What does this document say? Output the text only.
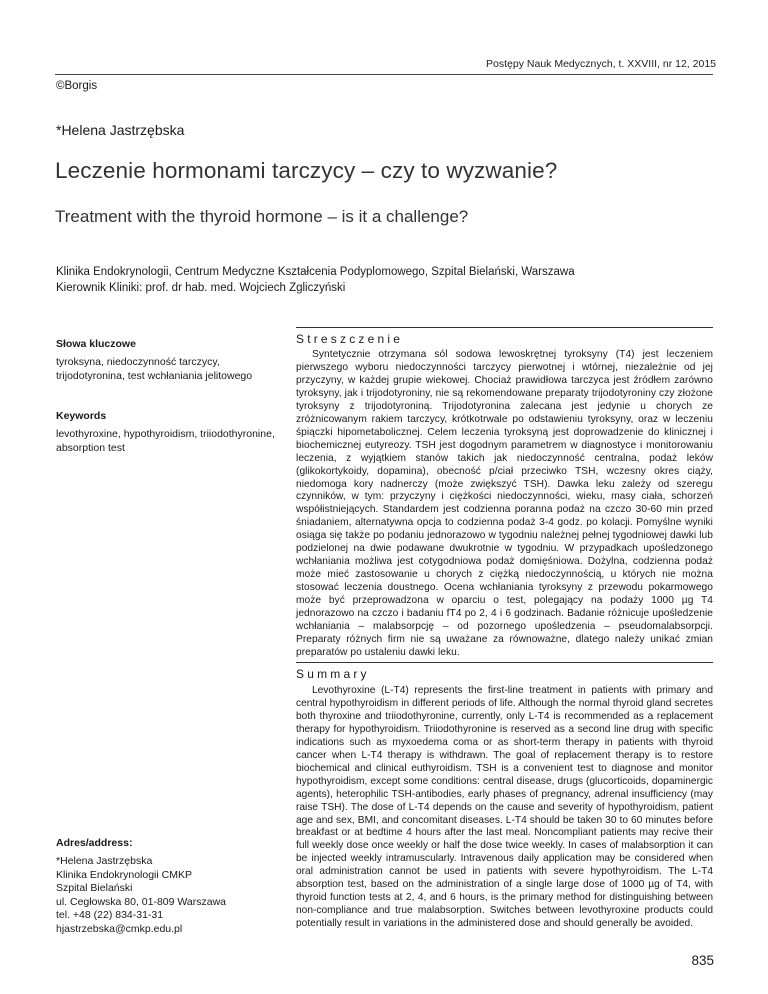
Postępy Nauk Medycznych, t. XXVIII, nr 12, 2015
©Borgis
*Helena Jastrzębska
Leczenie hormonami tarczycy – czy to wyzwanie?
Treatment with the thyroid hormone – is it a challenge?
Klinika Endokrynologii, Centrum Medyczne Kształcenia Podyplomowego, Szpital Bielański, Warszawa
Kierownik Kliniki: prof. dr hab. med. Wojciech Zgliczyński
Słowa kluczowe
tyroksyna, niedoczynność tarczycy, trijodotyronina, test wchłaniania jelitowego
Keywords
levothyroxine, hypothyroidism, triiodothyronine, absorption test
Adres/address:
*Helena Jastrzębska
Klinika Endokrynologii CMKP
Szpital Bielański
ul. Cegłowska 80, 01-809 Warszawa
tel. +48 (22) 834-31-31
hjastrzebska@cmkp.edu.pl
Streszczenie

Syntetycznie otrzymana sól sodowa lewoskrętnej tyroksyny (T4) jest leczeniem pierwszego wyboru niedoczynności tarczycy pierwotnej i wtórnej, niezależnie od jej przyczyny, w każdej grupie wiekowej. Chociaż prawidłowa tarczyca jest źródłem zarówno tyroksyny, jak i trijodotyroniny, nie są rekomendowane preparaty trijodotyroniny czy złożone tyroksyny z trijodotyroniną. Trijodotyronina zalecana jest jedynie u chorych ze zróżnicowanym rakiem tarczycy, krótkotrwale po odstawieniu tyroksyny, oraz w leczeniu śpiączki hipometabolicznej. Celem leczenia tyroksyną jest doprowadzenie do klinicznej i biochemicznej eutyreozy. TSH jest dogodnym parametrem w diagnostyce i monitorowaniu leczenia, z wyjątkiem stanów takich jak niedoczynność centralna, podaż leków (glikokortykoidy, dopamina), obecność p/ciał przeciwko TSH, wczesny okres ciąży, niedomoga kory nadnerczy (może zwiększyć TSH). Dawka leku zależy od szeregu czynników, w tym: przyczyny i ciężkości niedoczynności, wieku, masy ciała, schorzeń współistniejących. Standardem jest codzienna poranna podaż na czczo 30-60 min przed śniadaniem, alternatywna opcja to codzienna podaż 3-4 godz. po kolacji. Pomyślne wyniki osiąga się także po podaniu jednorazowo w tygodniu należnej pełnej tygodniowej dawki lub podzielonej na dwie podawane dwukrotnie w tygodniu. W przypadkach upośledzonego wchłaniania możliwa jest cotygodniowa podaż domięśniowa. Dożylna, codzienna podaż może mieć zastosowanie u chorych z ciężką niedoczynnością, u których nie można stosować leczenia doustnego. Ocena wchłaniania tyroksyny z przewodu pokarmowego może być przeprowadzona w oparciu o test, polegający na podaży 1000 µg T4 jednorazowo na czczo i badaniu fT4 po 2, 4 i 6 godzinach. Badanie różnicuje upośledzenie wchłaniania – malabsorpcję – od pozornego upośledzenia – pseudomalabsorpcji. Preparaty różnych firm nie są uważane za równoważne, dlatego należy unikać zmian preparatów po ustaleniu dawki leku.

Summary

Levothyroxine (L-T4) represents the first-line treatment in patients with primary and central hypothyroidism in different periods of life. Although the normal thyroid gland secretes both thyroxine and triiodothyronine, currently, only L-T4 is recommended as a replacement therapy for hypothyroidism. Triiodothyronine is reserved as a second line drug with specific indications such as myxoedema coma or as short-term therapy in patients with thyroid cancer when L-T4 therapy is withdrawn. The goal of replacement therapy is to restore biochemical and clinical euthyroidism. TSH is a convenient test to diagnose and monitor hypothyroidism, except some conditions: central disease, drugs (glucorticoids, dopaminergic agents), heterophilic TSH-antibodies, early phases of pregnancy, adrenal insufficiency (may raise TSH). The dose of L-T4 depends on the cause and severity of hypothyroidism, patient age and sex, BMI, and concomitant diseases. L-T4 should be taken 30 to 60 minutes before breakfast or at bedtime 4 hours after the last meal. Noncompliant patients may recive their full weekly dose once weekly or half the dose twice weekly. In cases of malabsorption it can be injected weekly intramuscularly. Intravenous daily application may be considered when oral administration cannot be used in patients with severe hypothyroidism. The L-T4 absorption test, based on the administration of a single large dose of 1000 µg of T4, with thyroid function tests at 2, 4, and 6 hours, is the primary method for distinguishing between non-compliance and true malabsorption. Switches between levothyroxine products could potentially result in variations in the administered dose and should generally be avoided.

835
